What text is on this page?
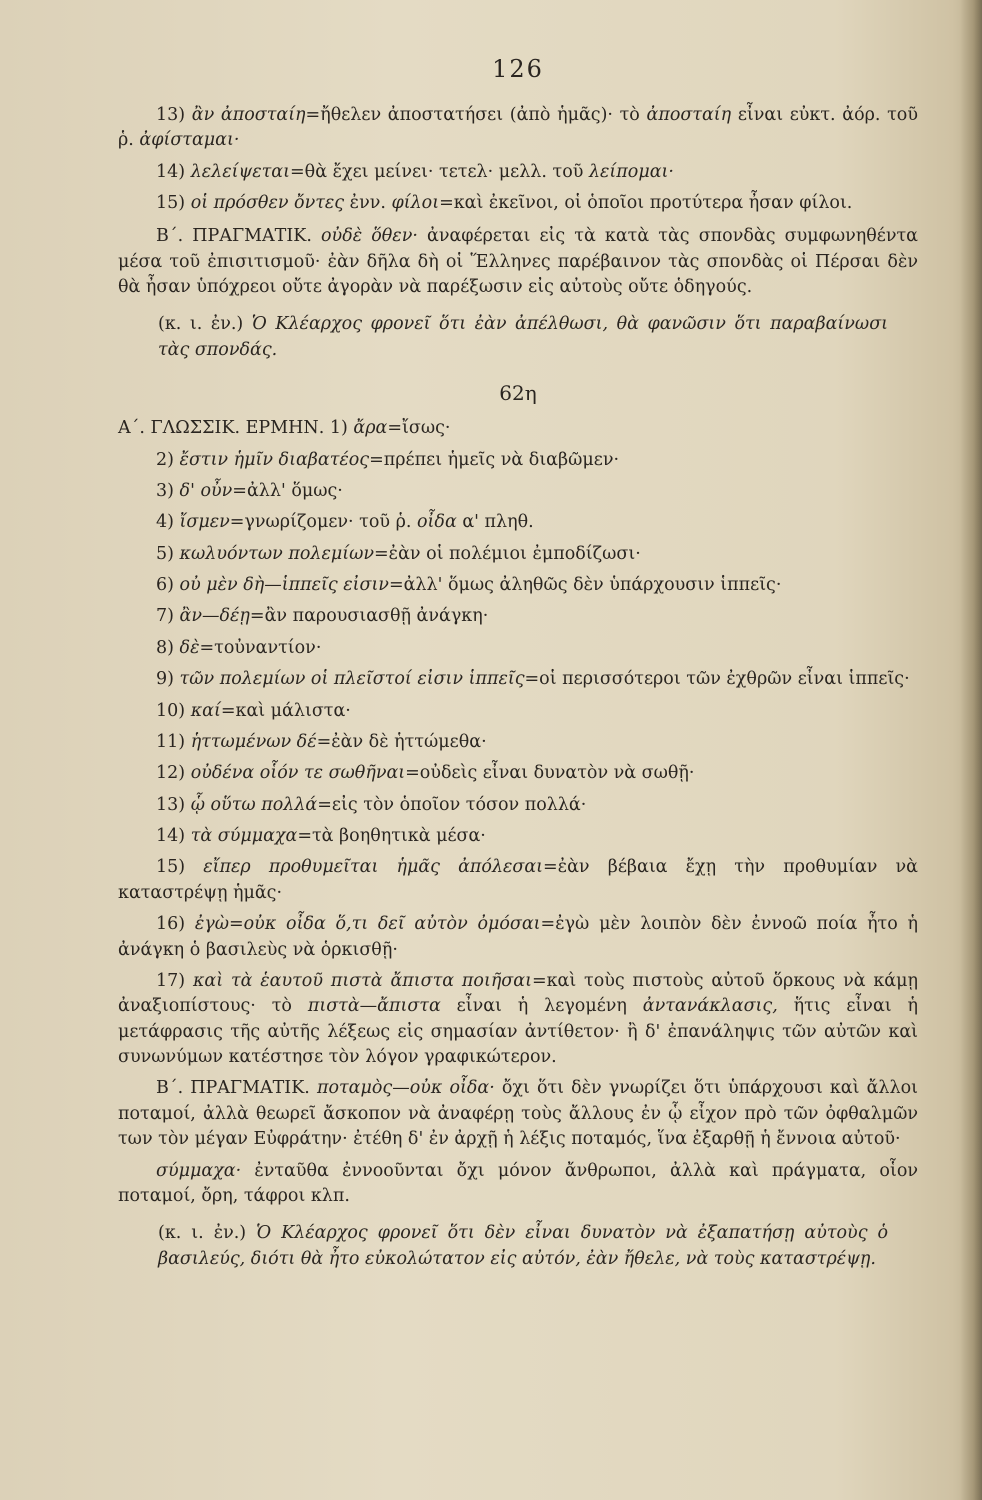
126
13) ἂν ἀποσταίη=ἤθελεν ἀποστατήσει (ἀπὸ ἡμᾶς)· τὸ ἀποσταίη εἶναι εὐκτ. ἀόρ. τοῦ ῥ. ἀφίσταμαι·
14) λελείψεται=θὰ ἔχει μείνει· τετελ· μελλ. τοῦ λείπομαι·
15) οἱ πρόσθεν ὄντες ἐνν. φίλοι=καὶ ἐκεῖνοι, οἱ ὁποῖοι προτύτερα ἦσαν φίλοι.
Β΄. ΠΡΑΓΜΑΤΙΚ. οὐδὲ ὅθεν· ἀναφέρεται εἰς τὰ κατὰ τὰς σπονδὰς συμφωνηθέντα μέσα τοῦ ἐπισιτισμοῦ· ἐὰν δῆλα δὴ οἱ Ἕλληνες παρέβαινον τὰς σπονδὰς οἱ Πέρσαι δὲν θὰ ἦσαν ὑπόχρεοι οὔτε ἀγορὰν νὰ παρέξωσιν εἰς αὐτοὺς οὔτε ὁδηγούς.
(κ. ι. ἐν.) Ὁ Κλέαρχος φρονεῖ ὅτι ἐὰν ἀπέλθωσι, θὰ φανῶσιν ὅτι παραβαίνωσι τὰς σπονδάς.
62η
Α΄. ΓΛΩΣΣΙΚ. ΕΡΜΗΝ. 1) ἄρα=ἴσως·
2) ἔστιν ἡμῖν διαβατέος=πρέπει ἡμεῖς νὰ διαβῶμεν·
3) δ' οὖν=ἀλλ' ὅμως·
4) ἴσμεν=γνωρίζομεν· τοῦ ῥ. οἶδα α' πληθ.
5) κωλυόντων πολεμίων=ἐὰν οἱ πολέμιοι ἐμποδίζωσι·
6) οὐ μὲν δὴ—ἱππεῖς εἰσιν=ἀλλ' ὅμως ἀληθῶς δὲν ὑπάρχουσιν ἱππεῖς·
7) ἂν—δέῃ=ἂν παρουσιασθῇ ἀνάγκη·
8) δὲ=τοὐναντίον·
9) τῶν πολεμίων οἱ πλεῖστοί εἰσιν ἱππεῖς=οἱ περισσότεροι τῶν ἐχθρῶν εἶναι ἱππεῖς·
10) καί=καὶ μάλιστα·
11) ἡττωμένων δέ=ἐὰν δὲ ἡττώμεθα·
12) οὐδένα οἷόν τε σωθῆναι=οὐδεὶς εἶναι δυνατὸν νὰ σωθῇ·
13) ᾧ οὕτω πολλά=εἰς τὸν ὁποῖον τόσον πολλά·
14) τὰ σύμμαχα=τὰ βοηθητικὰ μέσα·
15) εἴπερ προθυμεῖται ἡμᾶς ἀπόλεσαι=ἐὰν βέβαια ἔχῃ τὴν προθυμίαν νὰ καταστρέψῃ ἡμᾶς·
16) ἐγὼ=οὐκ οἶδα ὅ,τι δεῖ αὐτὸν ὀμόσαι=ἐγὼ μὲν λοιπὸν δὲν ἐννοῶ ποία ἦτο ἡ ἀνάγκη ὁ βασιλεὺς νὰ ὁρκισθῇ·
17) καὶ τὰ ἑαυτοῦ πιστὰ ἄπιστα ποιῆσαι=καὶ τοὺς πιστοὺς αὐτοῦ ὅρκους νὰ κάμῃ ἀναξιοπίστους· τὸ πιστὰ—ἄπιστα εἶναι ἡ λεγομένη ἀντανάκλασις, ἥτις εἶναι ἡ μετάφρασις τῆς αὐτῆς λέξεως εἰς σημασίαν ἀντίθετον· ἢ δ' ἐπανάληψις τῶν αὐτῶν καὶ συνωνύμων κατέστησε τὸν λόγον γραφικώτερον.
Β΄. ΠΡΑΓΜΑΤΙΚ. ποταμὸς—οὐκ οἶδα· ὄχι ὅτι δὲν γνωρίζει ὅτι ὑπάρχουσι καὶ ἄλλοι ποταμοί, ἀλλὰ θεωρεῖ ἄσκοπον νὰ ἀναφέρῃ τοὺς ἄλλους ἐν ᾧ εἶχον πρὸ τῶν ὀφθαλμῶν των τὸν μέγαν Εὐφράτην· ἐτέθη δ' ἐν ἀρχῇ ἡ λέξις ποταμός, ἵνα ἐξαρθῇ ἡ ἔννοια αὐτοῦ·
σύμμαχα· ἐνταῦθα ἐννοοῦνται ὄχι μόνον ἄνθρωποι, ἀλλὰ καὶ πράγματα, οἷον ποταμοί, ὄρη, τάφροι κλπ.
(κ. ι. ἐν.) Ὁ Κλέαρχος φρονεῖ ὅτι δὲν εἶναι δυνατὸν νὰ ἐξαπατήσῃ αὐτοὺς ὁ βασιλεύς, διότι θὰ ἦτο εὐκολώτατον εἰς αὐτόν, ἐὰν ἤθελε, νὰ τοὺς καταστρέψῃ.
